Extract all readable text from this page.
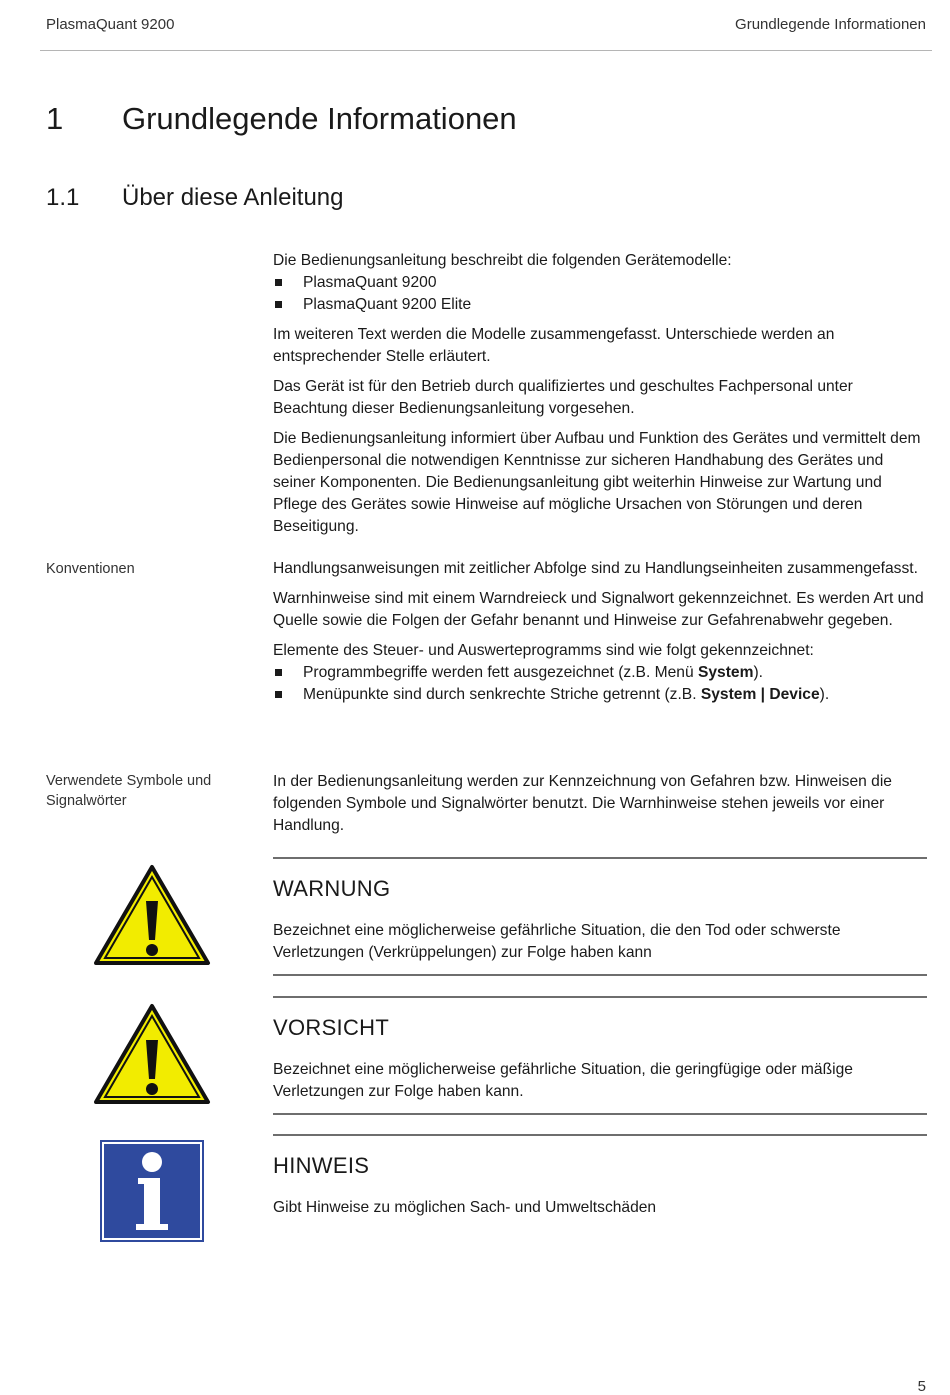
PlasmaQuant 9200	Grundlegende Informationen
1 Grundlegende Informationen
1.1 Über diese Anleitung

Die Bedienungsanleitung beschreibt die folgenden Gerätemodelle:

PlasmaQuant 9200
PlasmaQuant 9200 Elite

Im weiteren Text werden die Modelle zusammengefasst. Unterschiede werden an entsprechender Stelle erläutert.

Das Gerät ist für den Betrieb durch qualifiziertes und geschultes Fachpersonal unter Beachtung dieser Bedienungsanleitung vorgesehen.

Die Bedienungsanleitung informiert über Aufbau und Funktion des Gerätes und vermittelt dem Bedienpersonal die notwendigen Kenntnisse zur sicheren Handhabung des Gerätes und seiner Komponenten. Die Bedienungsanleitung gibt weiterhin Hinweise zur Wartung und Pflege des Gerätes sowie Hinweise auf mögliche Ursachen von Störungen und deren Beseitigung.

Konventionen	Handlungsanweisungen mit zeitlicher Abfolge sind zu Handlungseinheiten zusammengefasst.

Warnhinweise sind mit einem Warndreieck und Signalwort gekennzeichnet. Es werden Art und Quelle sowie die Folgen der Gefahr benannt und Hinweise zur Gefahrenabwehr gegeben.

Elemente des Steuer- und Auswerteprogramms sind wie folgt gekennzeichnet:

Programmbegriffe werden fett ausgezeichnet (z.B. Menü System).
Menüpunkte sind durch senkrechte Striche getrennt (z.B. System | Device).
Verwendete Symbole und Signalwörter

In der Bedienungsanleitung werden zur Kennzeichnung von Gefahren bzw. Hinweisen die folgenden Symbole und Signalwörter benutzt. Die Warnhinweise stehen jeweils vor einer Handlung.

WARNUNG
Bezeichnet eine möglicherweise gefährliche Situation, die den Tod oder schwerste Verletzungen (Verkrüppelungen) zur Folge haben kann
VORSICHT
Bezeichnet eine möglicherweise gefährliche Situation, die geringfügige oder mäßige Verletzungen zur Folge haben kann.
HINWEIS
Gibt Hinweise zu möglichen Sach- und Umweltschäden
5
